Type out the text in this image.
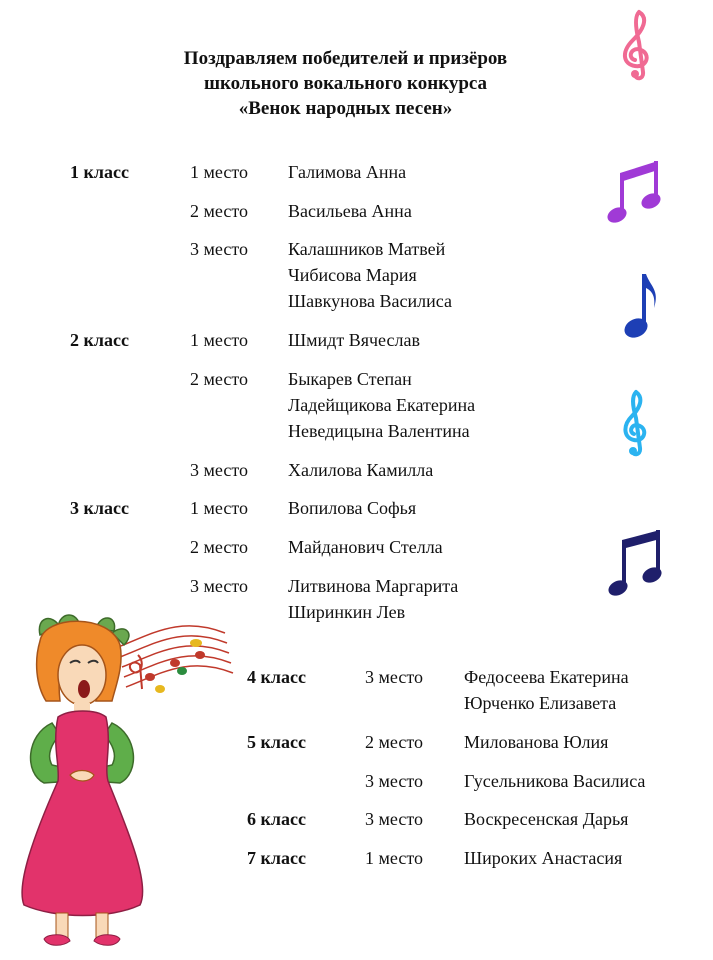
Поздравляем победителей и призёров
школьного вокального конкурса
«Венок народных песен»
1 класс	1 место Галимова Анна
2 место Васильева Анна
3 место Калашников Матвей
Чибисова Мария
Шавкунова Василиса
2 класс	1 место Шмидт Вячеслав
2 место Быкарев Степан
Ладейщикова Екатерина
Неведицына Валентина
3 место Халилова Камилла
3 класс	1 место Вопилова Софья
2 место Майданович Стелла
3 место Литвинова Маргарита
Ширинкин Лев
4 класс	3 место Федосеева Екатерина
Юрченко Елизавета
5 класс	2 место Милованова Юлия
3 место Гусельникова Василиса
6 класс	3 место Воскресенская Дарья
7 класс	1 место Широких Анастасия
